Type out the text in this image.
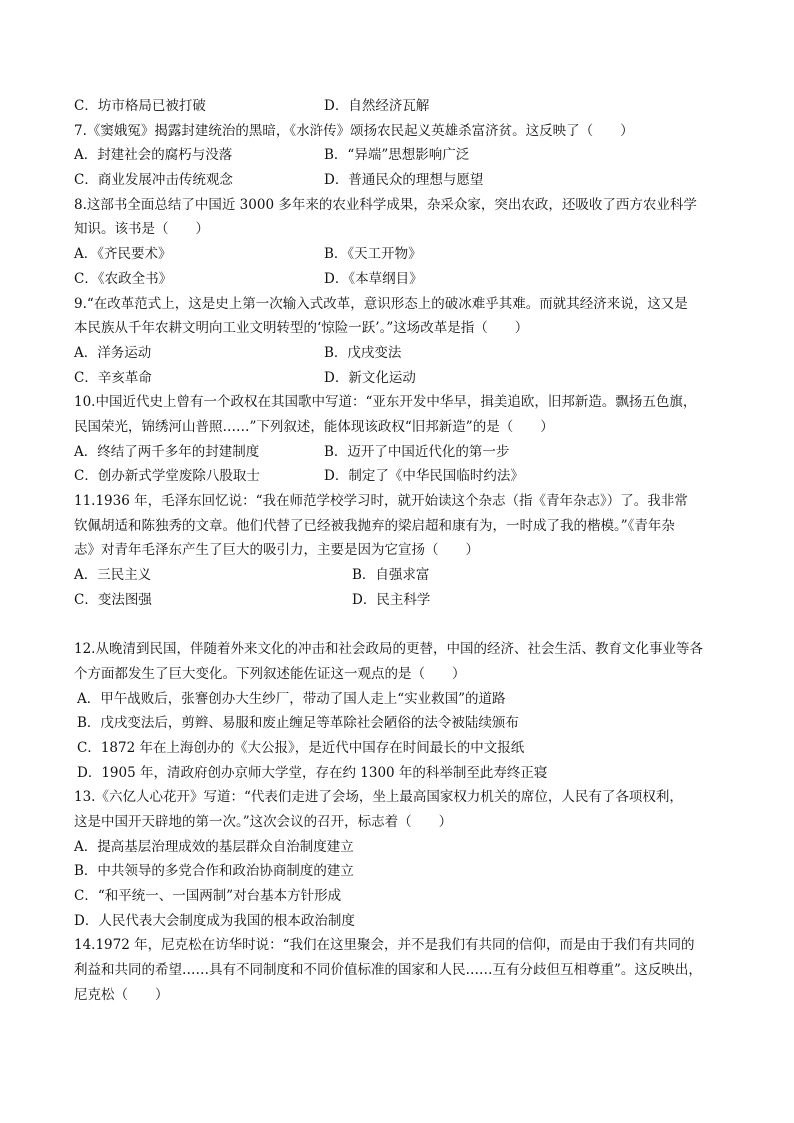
C．坊市格局已被打破	D．自然经济瓦解
7.《窦娥冤》揭露封建统治的黑暗，《水浒传》颂扬农民起义英雄杀富济贫。这反映了（　　）
A．封建社会的腐朽与没落	B．“异端”思想影响广泛
C．商业发展冲击传统观念	D．普通民众的理想与愿望
8.这部书全面总结了中国近 3000 多年来的农业科学成果，杂采众家，突出农政，还吸收了西方农业科学
知识。该书是（　　）
A．《齐民要术》	B．《天工开物》
C．《农政全书》	D．《本草纲目》
9.“在改革范式上，这是史上第一次输入式改革，意识形态上的破冰难乎其难。而就其经济来说，这又是
本民族从千年农耕文明向工业文明转型的‘惊险一跃’。”这场改革是指（　　）
A．洋务运动	B．戊戌变法
C．辛亥革命	D．新文化运动
10.中国近代史上曾有一个政权在其国歌中写道：“亚东开发中华早，揖美追欧，旧邦新造。飘扬五色旗，
民国荣光，锦绣河山普照……”下列叙述，能体现该政权“旧邦新造”的是（　　）
A．终结了两千多年的封建制度	B．迈开了中国近代化的第一步
C．创办新式学堂废除八股取士	D．制定了《中华民国临时约法》
11.1936 年，毛泽东回忆说：“我在师范学校学习时，就开始读这个杂志（指《青年杂志》）了。我非常
钦佩胡适和陈独秀的文章。他们代替了已经被我抛弃的梁启超和康有为，一时成了我的楷模。”《青年杂
志》对青年毛泽东产生了巨大的吸引力，主要是因为它宣扬（　　）
A．三民主义	B．自强求富
C．变法图强	D．民主科学
12.从晚清到民国，伴随着外来文化的冲击和社会政局的更替，中国的经济、社会生活、教育文化事业等各
个方面都发生了巨大变化。下列叙述能佐证这一观点的是（　　）
A．甲午战败后，张謇创办大生纱厂，带动了国人走上“实业救国”的道路
B．戊戌变法后，剪辫、易服和废止缠足等革除社会陋俗的法令被陆续颁布
C．1872 年在上海创办的《大公报》，是近代中国存在时间最长的中文报纸
D．1905 年，清政府创办京师大学堂，存在约 1300 年的科举制至此寿终正寝
13.《六亿人心花开》写道：“代表们走进了会场，坐上最高国家权力机关的席位，人民有了各项权利，
这是中国开天辟地的第一次。”这次会议的召开，标志着（　　）
A．提高基层治理成效的基层群众自治制度建立
B．中共领导的多党合作和政治协商制度的建立
C．“和平统一、一国两制”对台基本方针形成
D．人民代表大会制度成为我国的根本政治制度
14.1972 年，尼克松在访华时说：“我们在这里聚会，并不是我们有共同的信仰，而是由于我们有共同的
利益和共同的希望……具有不同制度和不同价值标准的国家和人民……互有分歧但互相尊重”。这反映出，
尼克松（　　）
